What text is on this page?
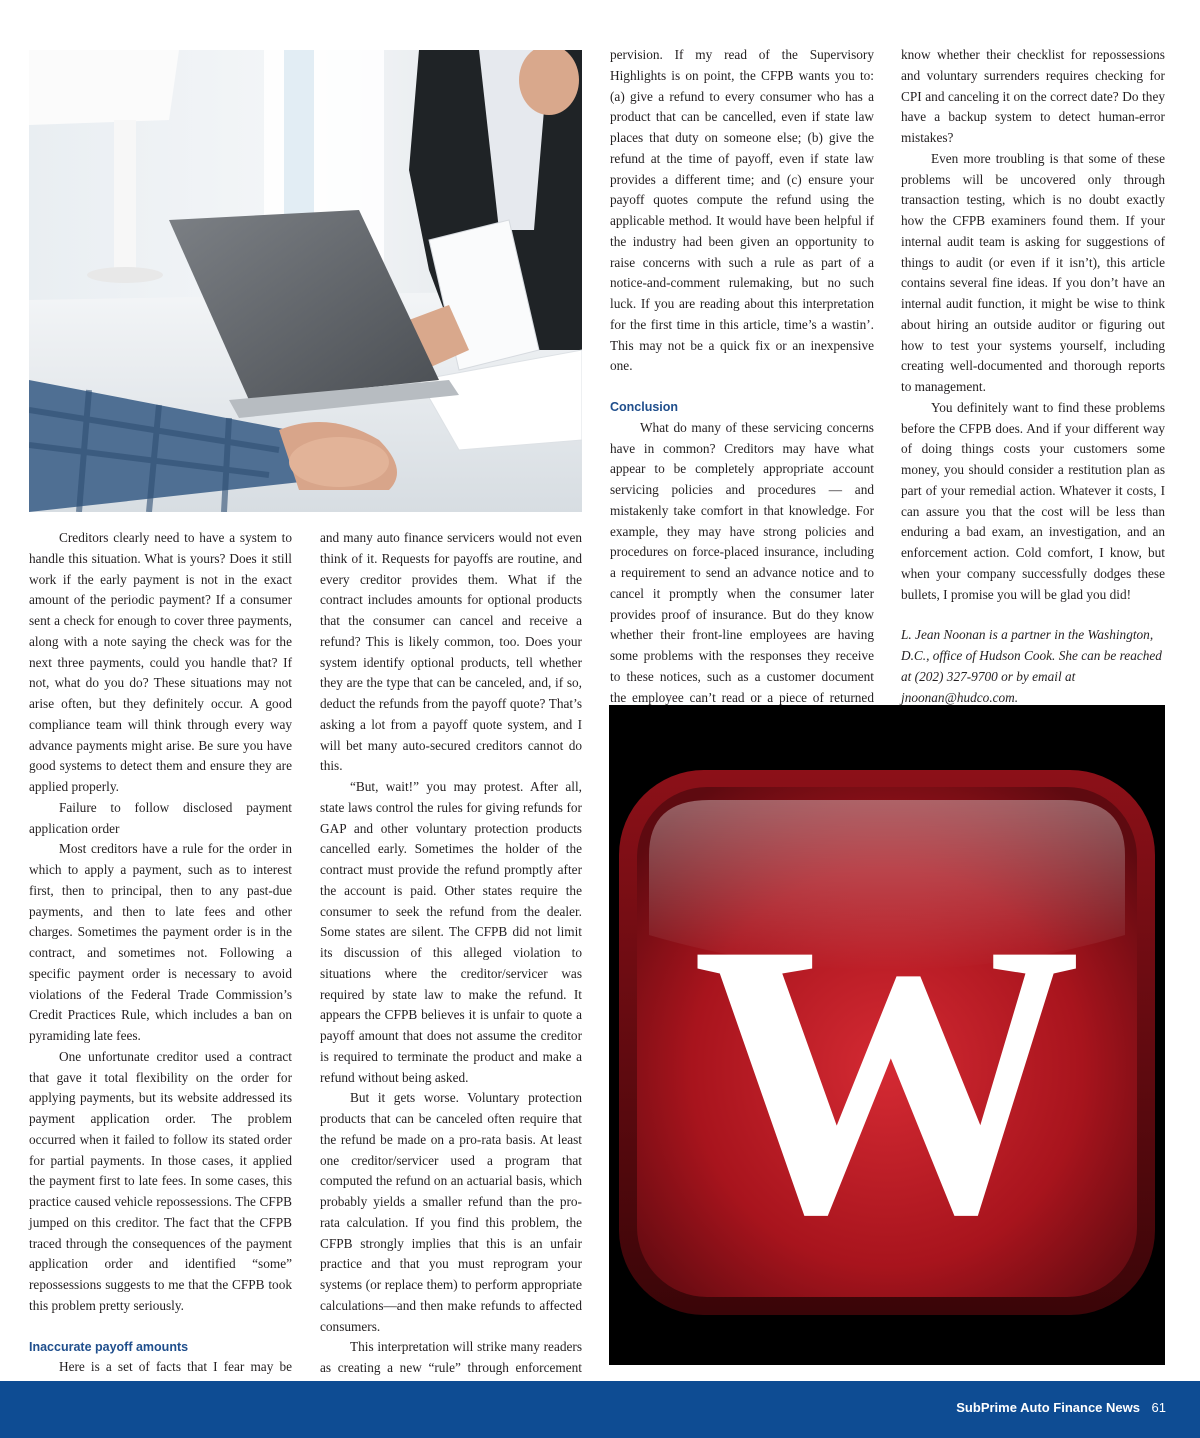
Creditors clearly need to have a system to handle this situation. What is yours? Does it still work if the early payment is not in the exact amount of the periodic payment? If a consumer sent a check for enough to cover three payments, along with a note saying the check was for the next three payments, could you handle that? If not, what do you do? These situations may not arise often, but they definitely occur. A good compliance team will think through every way advance payments might arise. Be sure you have good systems to detect them and ensure they are applied properly.

Failure to follow disclosed payment application order

Most creditors have a rule for the order in which to apply a payment, such as to interest first, then to principal, then to any past-due payments, and then to late fees and other charges. Sometimes the payment order is in the contract, and sometimes not. Following a specific payment order is necessary to avoid violations of the Federal Trade Commission’s Credit Practices Rule, which includes a ban on pyramiding late fees.

One unfortunate creditor used a contract that gave it total flexibility on the order for applying payments, but its website addressed its payment application order. The problem occurred when it failed to follow its stated order for partial payments. In those cases, it applied the payment first to late fees. In some cases, this practice caused vehicle repossessions. The CFPB jumped on this creditor. The fact that the CFPB traced through the consequences of the payment application order and identified “some” repossessions suggests to me that the CFPB took this problem pretty seriously.

Inaccurate payoff amounts

Here is a set of facts that I fear may be

and many auto finance servicers would not even think of it. Requests for payoffs are routine, and every creditor provides them. What if the contract includes amounts for optional products that the consumer can cancel and receive a refund? This is likely common, too. Does your system identify optional products, tell whether they are the type that can be canceled, and, if so, deduct the refunds from the payoff quote? That’s asking a lot from a payoff quote system, and I will bet many auto-secured creditors cannot do this.

“But, wait!” you may protest. After all, state laws control the rules for giving refunds for GAP and other voluntary protection products cancelled early. Sometimes the holder of the contract must provide the refund promptly after the account is paid. Other states require the consumer to seek the refund from the dealer. Some states are silent. The CFPB did not limit its discussion of this alleged violation to situations where the creditor/servicer was required by state law to make the refund. It appears the CFPB believes it is unfair to quote a payoff amount that does not assume the creditor is required to terminate the product and make a refund without being asked.

But it gets worse. Voluntary protection products that can be canceled often require that the refund be made on a pro-rata basis. At least one creditor/servicer used a program that computed the refund on an actuarial basis, which probably yields a smaller refund than the pro-rata calculation. If you find this problem, the CFPB strongly implies that this is an unfair practice and that you must reprogram your systems (or replace them) to perform appropriate calculations—and then make refunds to affected consumers.

This interpretation will strike many readers as creating a new “rule” through enforcement

pervision. If my read of the Supervisory Highlights is on point, the CFPB wants you to: (a) give a refund to every consumer who has a product that can be cancelled, even if state law places that duty on someone else; (b) give the refund at the time of payoff, even if state law provides a different time; and (c) ensure your payoff quotes compute the refund using the applicable method. It would have been helpful if the industry had been given an opportunity to raise concerns with such a rule as part of a notice-and-comment rulemaking, but no such luck. If you are reading about this interpretation for the first time in this article, time’s a wastin’. This may not be a quick fix or an inexpensive one.

Conclusion

What do many of these servicing concerns have in common? Creditors may have what appear to be completely appropriate account servicing policies and procedures — and mistakenly take comfort in that knowledge. For example, they may have strong policies and procedures on force-placed insurance, including a requirement to send an advance notice and to cancel it promptly when the consumer later provides proof of insurance. But do they know whether their front-line employees are having some problems with the responses they receive to these notices, such as a customer document the employee can’t read or a piece of returned

know whether their checklist for repossessions and voluntary surrenders requires checking for CPI and canceling it on the correct date? Do they have a backup system to detect human-error mistakes?

Even more troubling is that some of these problems will be uncovered only through transaction testing, which is no doubt exactly how the CFPB examiners found them. If your internal audit team is asking for suggestions of things to audit (or even if it isn’t), this article contains several fine ideas. If you don’t have an internal audit function, it might be wise to think about hiring an outside auditor or figuring out how to test your systems yourself, including creating well-documented and thorough reports to management.

You definitely want to find these problems before the CFPB does. And if your different way of doing things costs your customers some money, you should consider a restitution plan as part of your remedial action. Whatever it costs, I can assure you that the cost will be less than enduring a bad exam, an investigation, and an enforcement action. Cold comfort, I know, but when your company successfully dodges these bullets, I promise you will be glad you did!

L. Jean Noonan is a partner in the Washington, D.C., office of Hudson Cook. She can be reached at (202) 327-9700 or by email at jnoonan@hudco.com.

W
SubPrime Auto Finance News 61
